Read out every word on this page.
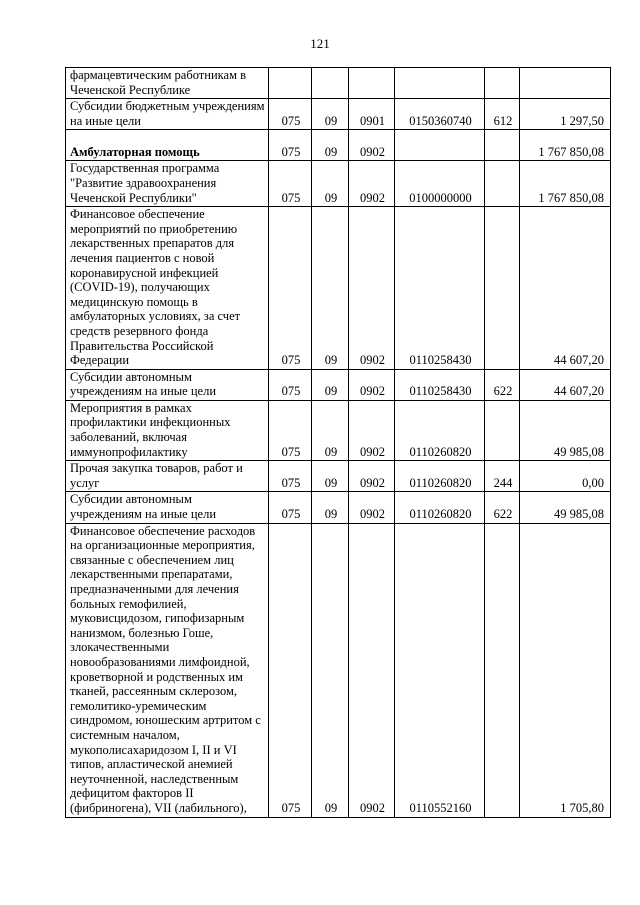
121
фармацевтическим работникам в Чеченской Республике						
Субсидии бюджетным учреждениям на иные цели	075	09	0901	0150360740	612	1 297,50
Амбулаторная помощь	075	09	0902			1 767 850,08
Государственная программа "Развитие здравоохранения Чеченской Республики"	075	09	0902	0100000000		1 767 850,08
Финансовое обеспечение мероприятий по приобретению лекарственных препаратов для лечения пациентов с новой коронавирусной инфекцией (COVID-19), получающих медицинскую помощь в амбулаторных условиях, за счет средств резервного фонда Правительства Российской Федерации	075	09	0902	0110258430		44 607,20
Субсидии автономным учреждениям на иные цели	075	09	0902	0110258430	622	44 607,20
Мероприятия в рамках профилактики инфекционных заболеваний, включая иммунопрофилактику	075	09	0902	0110260820		49 985,08
Прочая закупка товаров, работ и услуг	075	09	0902	0110260820	244	0,00
Субсидии автономным учреждениям на иные цели	075	09	0902	0110260820	622	49 985,08
Финансовое обеспечение расходов на организационные мероприятия, связанные с обеспечением лиц лекарственными препаратами, предназначенными для лечения больных гемофилией, муковисцидозом, гипофизарным нанизмом, болезнью Гоше, злокачественными новообразованиями лимфоидной, кроветворной и родственных им тканей, рассеянным склерозом, гемолитико-уремическим синдромом, юношеским артритом с системным началом, мукополисахаридозом I, II и VI типов, апластической анемией неуточненной, наследственным дефицитом факторов II (фибриногена), VII (лабильного),	075	09	0902	0110552160		1 705,80
